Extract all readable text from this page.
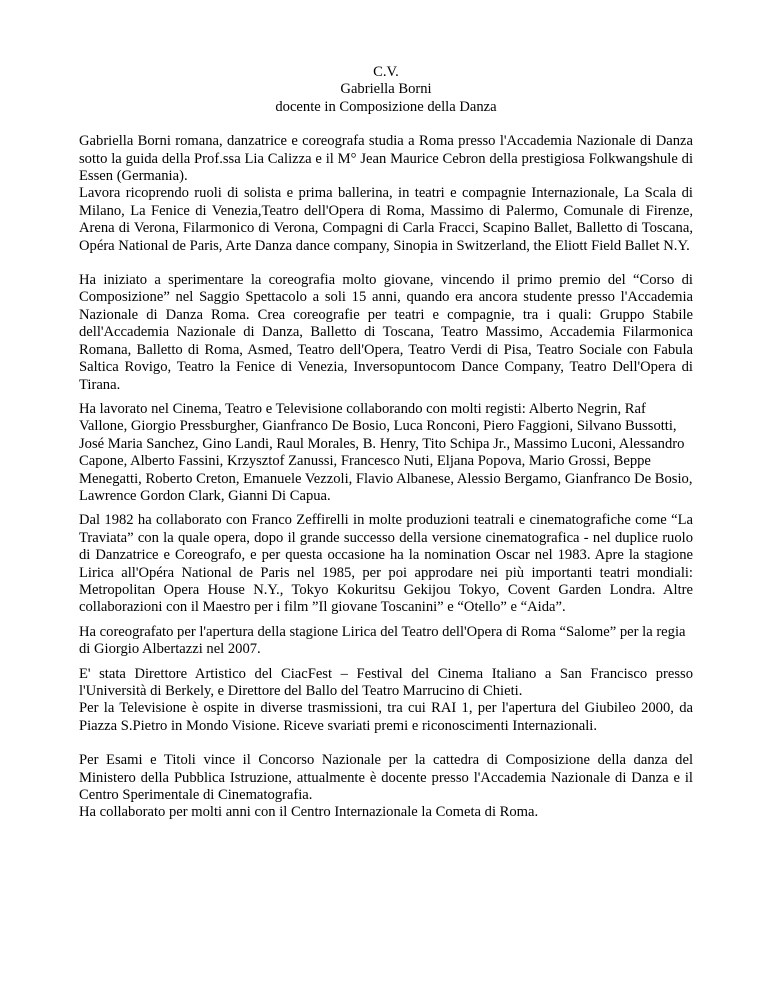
C.V.
Gabriella Borni
docente in Composizione della Danza

Gabriella Borni romana, danzatrice e coreografa studia a Roma presso l'Accademia Nazionale di Danza sotto la guida della Prof.ssa Lia Calizza e il M° Jean Maurice Cebron della prestigiosa Folkwangshule di Essen (Germania).

Lavora ricoprendo ruoli di solista e prima ballerina, in teatri e compagnie Internazionale, La Scala di Milano, La Fenice di Venezia,Teatro dell'Opera di Roma, Massimo di Palermo, Comunale di Firenze, Arena di Verona, Filarmonico di Verona, Compagni di Carla Fracci, Scapino Ballet, Balletto di Toscana, Opéra National de Paris, Arte Danza dance company, Sinopia in Switzerland, the Eliott Field Ballet N.Y.

Ha iniziato a sperimentare la coreografia molto giovane, vincendo il primo premio del “Corso di Composizione” nel Saggio Spettacolo a soli 15 anni, quando era ancora studente presso l'Accademia Nazionale di Danza Roma. Crea coreografie per teatri e compagnie, tra i quali: Gruppo Stabile dell'Accademia Nazionale di Danza, Balletto di Toscana, Teatro Massimo, Accademia Filarmonica Romana, Balletto di Roma, Asmed, Teatro dell'Opera, Teatro Verdi di Pisa, Teatro Sociale con Fabula Saltica Rovigo, Teatro la Fenice di Venezia, Inversopuntocom Dance Company, Teatro Dell'Opera di Tirana.

Ha lavorato nel Cinema, Teatro e Televisione collaborando con molti registi: Alberto Negrin, Raf Vallone, Giorgio Pressburgher, Gianfranco De Bosio, Luca Ronconi, Piero Faggioni, Silvano Bussotti, José Maria Sanchez, Gino Landi, Raul Morales, B. Henry, Tito Schipa Jr., Massimo Luconi, Alessandro Capone, Alberto Fassini, Krzysztof Zanussi, Francesco Nuti, Eljana Popova, Mario Grossi, Beppe Menegatti, Roberto Creton, Emanuele Vezzoli, Flavio Albanese, Alessio Bergamo, Gianfranco De Bosio, Lawrence Gordon Clark, Gianni Di Capua.

Dal 1982 ha collaborato con Franco Zeffirelli in molte produzioni teatrali e cinematografiche come “La Traviata” con la quale opera, dopo il grande successo della versione cinematografica - nel duplice ruolo di Danzatrice e Coreografo, e per questa occasione ha la nomination Oscar nel 1983. Apre la stagione Lirica all'Opéra National de Paris nel 1985, per poi approdare nei più importanti teatri mondiali: Metropolitan Opera House N.Y., Tokyo Kokuritsu Gekijou Tokyo, Covent Garden Londra. Altre collaborazioni con il Maestro per i film ”Il giovane Toscanini” e “Otello” e “Aida”.

Ha coreografato per l'apertura della stagione Lirica del Teatro dell'Opera di Roma “Salome” per la regia di Giorgio Albertazzi nel 2007.

E' stata Direttore Artistico del CiacFest – Festival del Cinema Italiano a San Francisco presso l'Università di Berkely, e Direttore del Ballo del Teatro Marrucino di Chieti.

Per la Televisione è ospite in diverse trasmissioni, tra cui RAI 1, per l'apertura del Giubileo 2000, da Piazza S.Pietro in Mondo Visione. Riceve svariati premi e riconoscimenti Internazionali.

Per Esami e Titoli vince il Concorso Nazionale per la cattedra di Composizione della danza del Ministero della Pubblica Istruzione, attualmente è docente presso l'Accademia Nazionale di Danza e il Centro Sperimentale di Cinematografia.

Ha collaborato per molti anni con il Centro Internazionale la Cometa di Roma.
